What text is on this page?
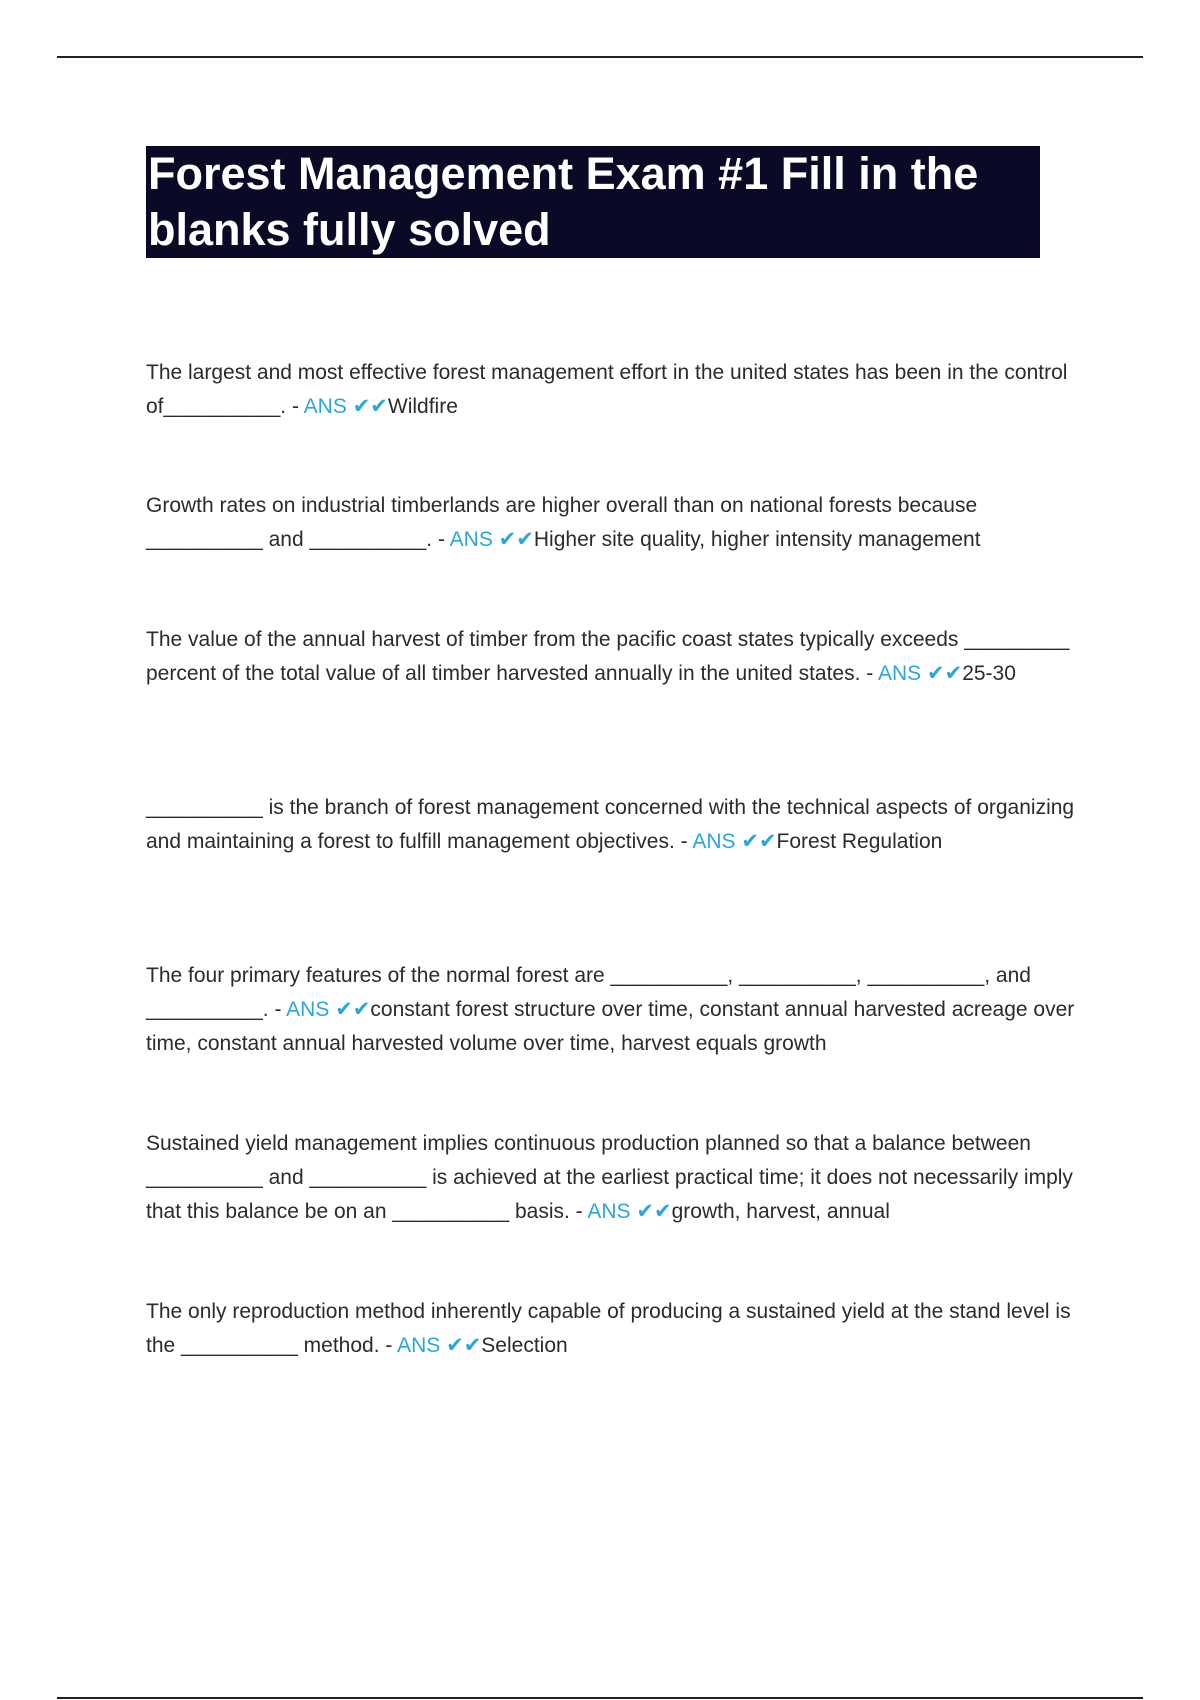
Forest Management Exam #1 Fill in the blanks fully solved

The largest and most effective forest management effort in the united states has been in the control of__________. - ANS ✔✔Wildfire

Growth rates on industrial timberlands are higher overall than on national forests because __________ and __________. - ANS ✔✔Higher site quality, higher intensity management

The value of the annual harvest of timber from the pacific coast states typically exceeds _________ percent of the total value of all timber harvested annually in the united states. - ANS ✔✔25-30

__________ is the branch of forest management concerned with the technical aspects of organizing and maintaining a forest to fulfill management objectives. - ANS ✔✔Forest Regulation

The four primary features of the normal forest are __________, __________, __________, and __________. - ANS ✔✔constant forest structure over time, constant annual harvested acreage over time, constant annual harvested volume over time, harvest equals growth

Sustained yield management implies continuous production planned so that a balance between __________ and __________ is achieved at the earliest practical time; it does not necessarily imply that this balance be on an __________ basis. - ANS ✔✔growth, harvest, annual

The only reproduction method inherently capable of producing a sustained yield at the stand level is the __________ method. - ANS ✔✔Selection
